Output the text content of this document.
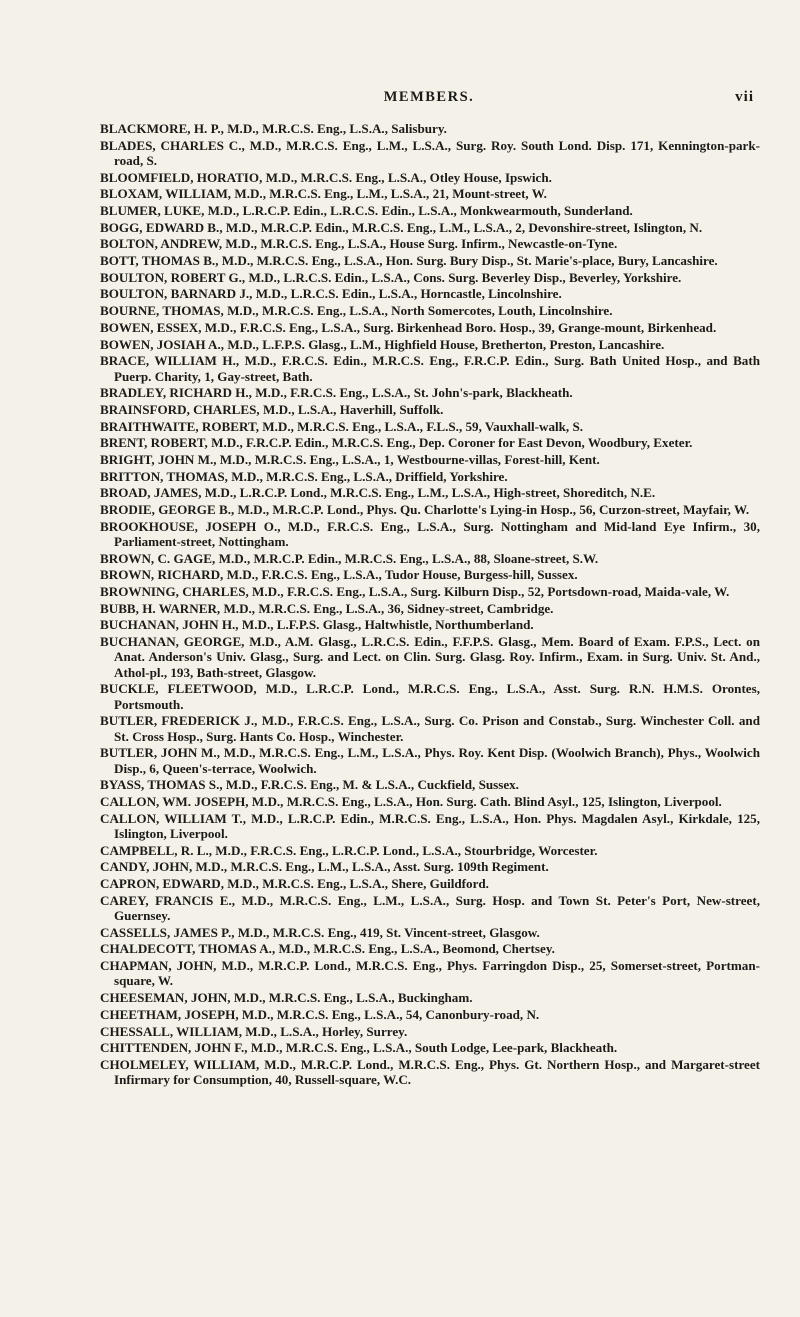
MEMBERS.	vii

BLACKMORE, H. P., M.D., M.R.C.S. Eng., L.S.A., Salisbury.

BLADES, CHARLES C., M.D., M.R.C.S. Eng., L.M., L.S.A., Surg. Roy. South Lond. Disp. 171, Kennington-park-road, S.

BLOOMFIELD, HORATIO, M.D., M.R.C.S. Eng., L.S.A., Otley House, Ipswich.

BLOXAM, WILLIAM, M.D., M.R.C.S. Eng., L.M., L.S.A., 21, Mount-street, W.

BLUMER, LUKE, M.D., L.R.C.P. Edin., L.R.C.S. Edin., L.S.A., Monkwearmouth, Sunderland.

BOGG, EDWARD B., M.D., M.R.C.P. Edin., M.R.C.S. Eng., L.M., L.S.A., 2, Devonshire-street, Islington, N.

BOLTON, ANDREW, M.D., M.R.C.S. Eng., L.S.A., House Surg. Infirm., Newcastle-on-Tyne.

BOTT, THOMAS B., M.D., M.R.C.S. Eng., L.S.A., Hon. Surg. Bury Disp., St. Marie's-place, Bury, Lancashire.

BOULTON, ROBERT G., M.D., L.R.C.S. Edin., L.S.A., Cons. Surg. Beverley Disp., Beverley, Yorkshire.

BOULTON, BARNARD J., M.D., L.R.C.S. Edin., L.S.A., Horncastle, Lincolnshire.

BOURNE, THOMAS, M.D., M.R.C.S. Eng., L.S.A., North Somercotes, Louth, Lincolnshire.

BOWEN, ESSEX, M.D., F.R.C.S. Eng., L.S.A., Surg. Birkenhead Boro. Hosp., 39, Grange-mount, Birkenhead.

BOWEN, JOSIAH A., M.D., L.F.P.S. Glasg., L.M., Highfield House, Bretherton, Preston, Lancashire.

BRACE, WILLIAM H., M.D., F.R.C.S. Edin., M.R.C.S. Eng., F.R.C.P. Edin., Surg. Bath United Hosp., and Bath Puerp. Charity, 1, Gay-street, Bath.

BRADLEY, RICHARD H., M.D., F.R.C.S. Eng., L.S.A., St. John's-park, Blackheath.

BRAINSFORD, CHARLES, M.D., L.S.A., Haverhill, Suffolk.

BRAITHWAITE, ROBERT, M.D., M.R.C.S. Eng., L.S.A., F.L.S., 59, Vauxhall-walk, S.

BRENT, ROBERT, M.D., F.R.C.P. Edin., M.R.C.S. Eng., Dep. Coroner for East Devon, Woodbury, Exeter.

BRIGHT, JOHN M., M.D., M.R.C.S. Eng., L.S.A., 1, Westbourne-villas, Forest-hill, Kent.

BRITTON, THOMAS, M.D., M.R.C.S. Eng., L.S.A., Driffield, Yorkshire.

BROAD, JAMES, M.D., L.R.C.P. Lond., M.R.C.S. Eng., L.M., L.S.A., High-street, Shoreditch, N.E.

BRODIE, GEORGE B., M.D., M.R.C.P. Lond., Phys. Qu. Charlotte's Lying-in Hosp., 56, Curzon-street, Mayfair, W.

BROOKHOUSE, JOSEPH O., M.D., F.R.C.S. Eng., L.S.A., Surg. Nottingham and Mid-land Eye Infirm., 30, Parliament-street, Nottingham.

BROWN, C. GAGE, M.D., M.R.C.P. Edin., M.R.C.S. Eng., L.S.A., 88, Sloane-street, S.W.

BROWN, RICHARD, M.D., F.R.C.S. Eng., L.S.A., Tudor House, Burgess-hill, Sussex.

BROWNING, CHARLES, M.D., F.R.C.S. Eng., L.S.A., Surg. Kilburn Disp., 52, Portsdown-road, Maida-vale, W.

BUBB, H. WARNER, M.D., M.R.C.S. Eng., L.S.A., 36, Sidney-street, Cambridge.

BUCHANAN, JOHN H., M.D., L.F.P.S. Glasg., Haltwhistle, Northumberland.

BUCHANAN, GEORGE, M.D., A.M. Glasg., L.R.C.S. Edin., F.F.P.S. Glasg., Mem. Board of Exam. F.P.S., Lect. on Anat. Anderson's Univ. Glasg., Surg. and Lect. on Clin. Surg. Glasg. Roy. Infirm., Exam. in Surg. Univ. St. And., Athol-pl., 193, Bath-street, Glasgow.

BUCKLE, FLEETWOOD, M.D., L.R.C.P. Lond., M.R.C.S. Eng., L.S.A., Asst. Surg. R.N. H.M.S. Orontes, Portsmouth.

BUTLER, FREDERICK J., M.D., F.R.C.S. Eng., L.S.A., Surg. Co. Prison and Constab., Surg. Winchester Coll. and St. Cross Hosp., Surg. Hants Co. Hosp., Winchester.

BUTLER, JOHN M., M.D., M.R.C.S. Eng., L.M., L.S.A., Phys. Roy. Kent Disp. (Woolwich Branch), Phys., Woolwich Disp., 6, Queen's-terrace, Woolwich.

BYASS, THOMAS S., M.D., F.R.C.S. Eng., M. & L.S.A., Cuckfield, Sussex.

CALLON, WM. JOSEPH, M.D., M.R.C.S. Eng., L.S.A., Hon. Surg. Cath. Blind Asyl., 125, Islington, Liverpool.

CALLON, WILLIAM T., M.D., L.R.C.P. Edin., M.R.C.S. Eng., L.S.A., Hon. Phys. Magdalen Asyl., Kirkdale, 125, Islington, Liverpool.

CAMPBELL, R. L., M.D., F.R.C.S. Eng., L.R.C.P. Lond., L.S.A., Stourbridge, Worcester.

CANDY, JOHN, M.D., M.R.C.S. Eng., L.M., L.S.A., Asst. Surg. 109th Regiment.

CAPRON, EDWARD, M.D., M.R.C.S. Eng., L.S.A., Shere, Guildford.

CAREY, FRANCIS E., M.D., M.R.C.S. Eng., L.M., L.S.A., Surg. Hosp. and Town St. Peter's Port, New-street, Guernsey.

CASSELLS, JAMES P., M.D., M.R.C.S. Eng., 419, St. Vincent-street, Glasgow.

CHALDECOTT, THOMAS A., M.D., M.R.C.S. Eng., L.S.A., Beomond, Chertsey.

CHAPMAN, JOHN, M.D., M.R.C.P. Lond., M.R.C.S. Eng., Phys. Farringdon Disp., 25, Somerset-street, Portman-square, W.

CHEESEMAN, JOHN, M.D., M.R.C.S. Eng., L.S.A., Buckingham.

CHEETHAM, JOSEPH, M.D., M.R.C.S. Eng., L.S.A., 54, Canonbury-road, N.

CHESSALL, WILLIAM, M.D., L.S.A., Horley, Surrey.

CHITTENDEN, JOHN F., M.D., M.R.C.S. Eng., L.S.A., South Lodge, Lee-park, Blackheath.

CHOLMELEY, WILLIAM, M.D., M.R.C.P. Lond., M.R.C.S. Eng., Phys. Gt. Northern Hosp., and Margaret-street Infirmary for Consumption, 40, Russell-square, W.C.
